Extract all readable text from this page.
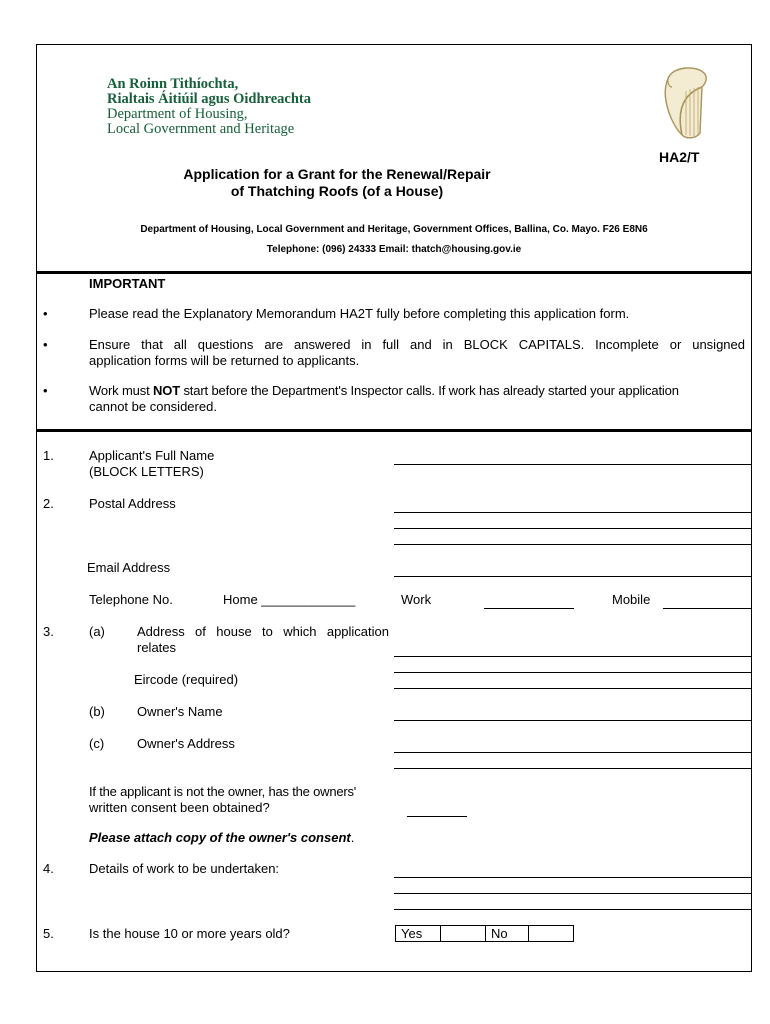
An Roinn Tithíochta,
Rialtais Áitiúil agus Oidhreachta
Department of Housing,
Local Government and Heritage
HA2/T
Application for a Grant for the Renewal/Repair
of Thatching Roofs (of a House)
Department of Housing, Local Government and Heritage, Government Offices, Ballina, Co. Mayo. F26 E8N6
Telephone: (096) 24333 Email: thatch@housing.gov.ie
IMPORTANT
•	Please read the Explanatory Memorandum HA2T fully before completing this application form.
•	Ensure that all questions are answered in full and in BLOCK CAPITALS. Incomplete or unsigned
application forms will be returned to applicants.
•	Work must NOT start before the Department's Inspector calls. If work has already started your application
cannot be considered.
1.	Applicant's Full Name
(BLOCK LETTERS)
2.	Postal Address
Email Address
Telephone No.	Home _____________	Work	Mobile
3.	(a) Address of house to which application
relates
Eircode (required)
(b) Owner's Name
(c)	Owner's Address
If the applicant is not the owner, has the owners'
written consent been obtained?
Please attach copy of the owner's consent.
4.	Details of work to be undertaken:
5.	Is the house 10 or more years old?	Yes	No
